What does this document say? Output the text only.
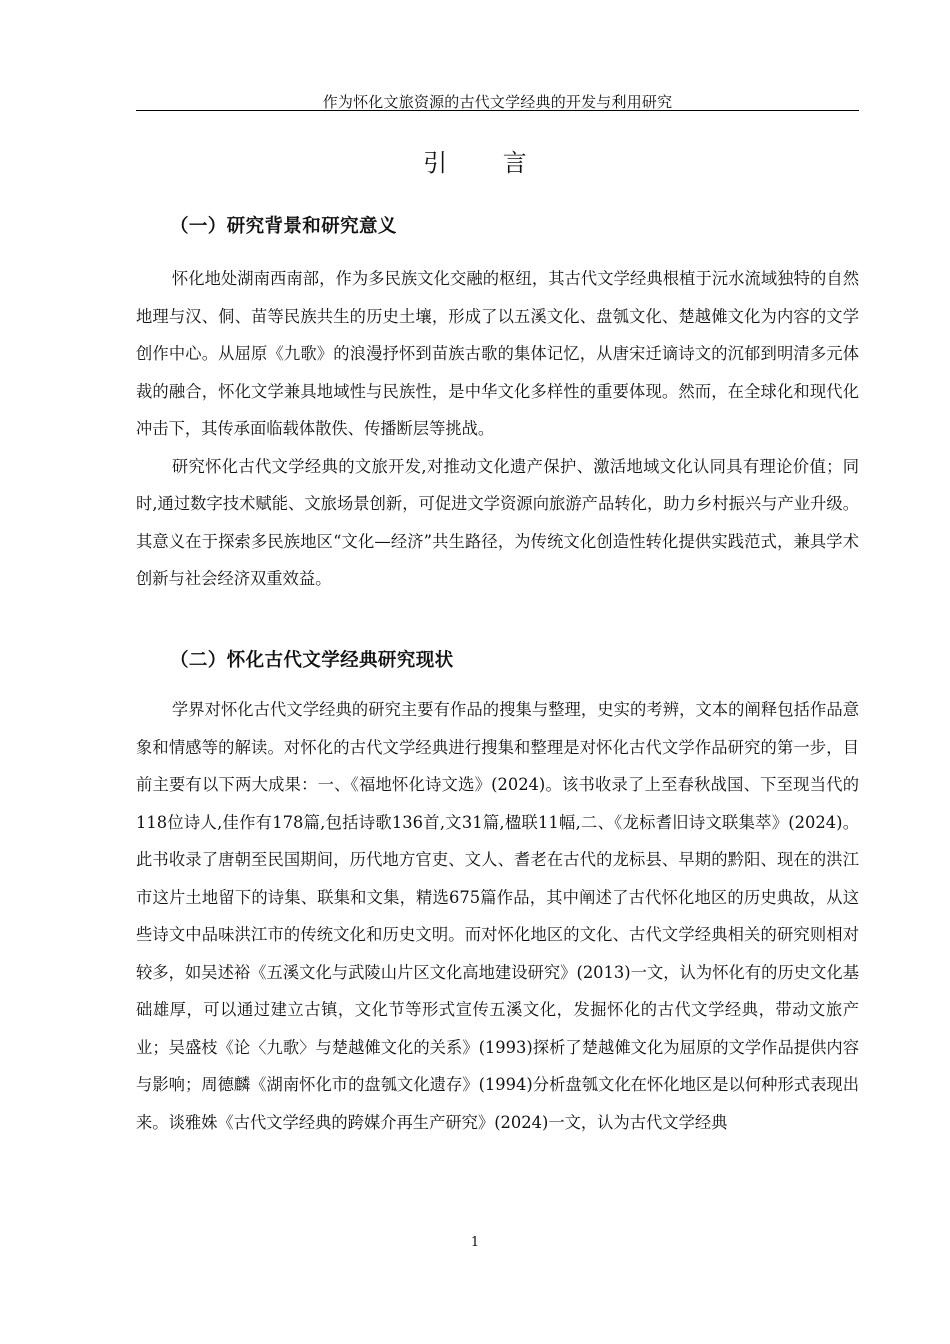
作为怀化文旅资源的古代文学经典的开发与利用研究
引 言
（一）研究背景和研究意义

怀化地处湖南西南部，作为多民族文化交融的枢纽，其古代文学经典根植于沅水流域独特的自然地理与汉、侗、苗等民族共生的历史土壤，形成了以五溪文化、盘瓠文化、楚越傩文化为内容的文学创作中心。从屈原《九歌》的浪漫抒怀到苗族古歌的集体记忆，从唐宋迁谪诗文的沉郁到明清多元体裁的融合，怀化文学兼具地域性与民族性，是中华文化多样性的重要体现。然而，在全球化和现代化冲击下，其传承面临载体散佚、传播断层等挑战。

研究怀化古代文学经典的文旅开发,对推动文化遗产保护、激活地域文化认同具有理论价值；同时,通过数字技术赋能、文旅场景创新，可促进文学资源向旅游产品转化，助力乡村振兴与产业升级。其意义在于探索多民族地区“文化—经济”共生路径，为传统文化创造性转化提供实践范式，兼具学术创新与社会经济双重效益。

（二）怀化古代文学经典研究现状

学界对怀化古代文学经典的研究主要有作品的搜集与整理，史实的考辨，文本的阐释包括作品意象和情感等的解读。对怀化的古代文学经典进行搜集和整理是对怀化古代文学作品研究的第一步，目前主要有以下两大成果：一、《福地怀化诗文选》(2024)。该书收录了上至春秋战国、下至现当代的118位诗人,佳作有178篇,包括诗歌136首,文31篇,楹联11幅,二、《龙标耆旧诗文联集萃》(2024)。此书收录了唐朝至民国期间，历代地方官吏、文人、耆老在古代的龙标县、早期的黔阳、现在的洪江市这片土地留下的诗集、联集和文集，精选675篇作品，其中阐述了古代怀化地区的历史典故，从这些诗文中品味洪江市的传统文化和历史文明。而对怀化地区的文化、古代文学经典相关的研究则相对较多，如吴述裕《五溪文化与武陵山片区文化高地建设研究》(2013)一文，认为怀化有的历史文化基础雄厚，可以通过建立古镇，文化节等形式宣传五溪文化，发掘怀化的古代文学经典，带动文旅产业；吴盛枝《论〈九歌〉与楚越傩文化的关系》(1993)探析了楚越傩文化为屈原的文学作品提供内容与影响；周德麟《湖南怀化市的盘瓠文化遗存》(1994)分析盘瓠文化在怀化地区是以何种形式表现出来。谈雅姝《古代文学经典的跨媒介再生产研究》(2024)一文，认为古代文学经典

1
